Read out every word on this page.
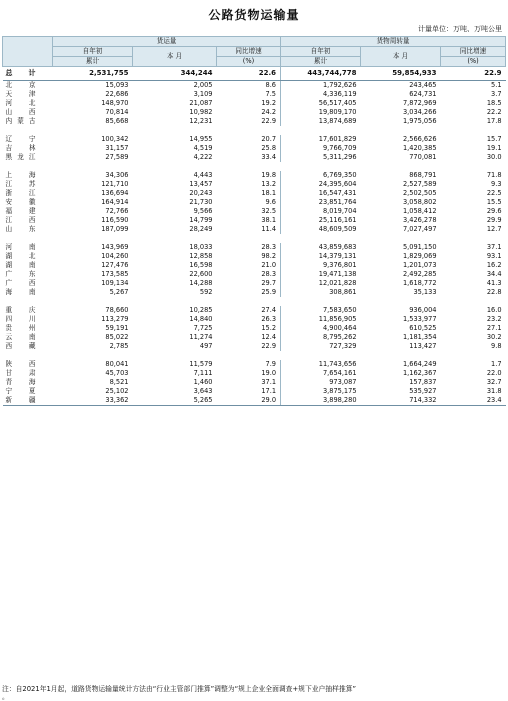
公路货物运输量
计量单位：万吨、万吨公里
	货运量			货物周转量		
	自年初	本 月	同比增速	自年初	本 月	同比增速
	累计		(%)	累计		(%)
总 计	2,531,755	344,244	22.6	443,744,778	59,854,933	22.9
北京	15,093	2,005	8.6	1,792,626	243,465	5.1
天津	22,686	3,109	7.5	4,336,119	624,731	3.7
河北	148,970	21,087	19.2	56,517,405	7,872,969	18.5
山西	70,814	10,982	24.2	19,809,170	3,034,266	22.2
内蒙古	85,668	12,231	22.9	13,874,689	1,975,056	17.8

辽宁	100,342	14,955	20.7	17,601,829	2,566,626	15.7
吉林	31,157	4,519	25.8	9,766,709	1,420,385	19.1
黑龙江	27,589	4,222	33.4	5,311,296	770,081	30.0

上海	34,306	4,443	19.8	6,769,350	868,791	71.8
江苏	121,710	13,457	13.2	24,395,604	2,527,589	9.3
浙江	136,694	20,243	18.1	16,547,431	2,502,505	22.5
安徽	164,914	21,730	9.6	23,851,764	3,058,802	15.5
福建	72,766	9,566	32.5	8,019,704	1,058,412	29.6
江西	116,590	14,799	38.1	25,116,161	3,426,278	29.9
山东	187,099	28,249	11.4	48,609,509	7,027,497	12.7

河南	143,969	18,033	28.3	43,859,683	5,091,150	37.1
湖北	104,260	12,858	98.2	14,379,131	1,829,069	93.1
湖南	127,476	16,598	21.0	9,376,801	1,201,073	16.2
广东	173,585	22,600	28.3	19,471,138	2,492,285	34.4
广西	109,134	14,288	29.7	12,021,828	1,618,772	41.3
海南	5,267	592	25.9	308,861	35,133	22.8

重庆	78,660	10,285	27.4	7,583,650	936,004	16.0
四川	113,279	14,840	26.3	11,856,905	1,533,977	23.2
贵州	59,191	7,725	15.2	4,900,464	610,525	27.1
云南	85,022	11,274	12.4	8,795,262	1,181,354	30.2
西藏	2,785	497	22.9	727,329	113,427	9.8

陕西	80,041	11,579	7.9	11,743,656	1,664,249	1.7
甘肃	45,703	7,111	19.0	7,654,161	1,162,367	22.0
青海	8,521	1,460	37.1	973,087	157,837	32.7
宁夏	25,102	3,643	17.1	3,875,175	535,927	31.8
新疆	33,362	5,265	29.0	3,898,280	714,332	23.4
注：自2021年1月起，道路货物运输量统计方法由“行业主管部门推算”调整为“规上企业全面调查+规下业户抽样推算”
。
